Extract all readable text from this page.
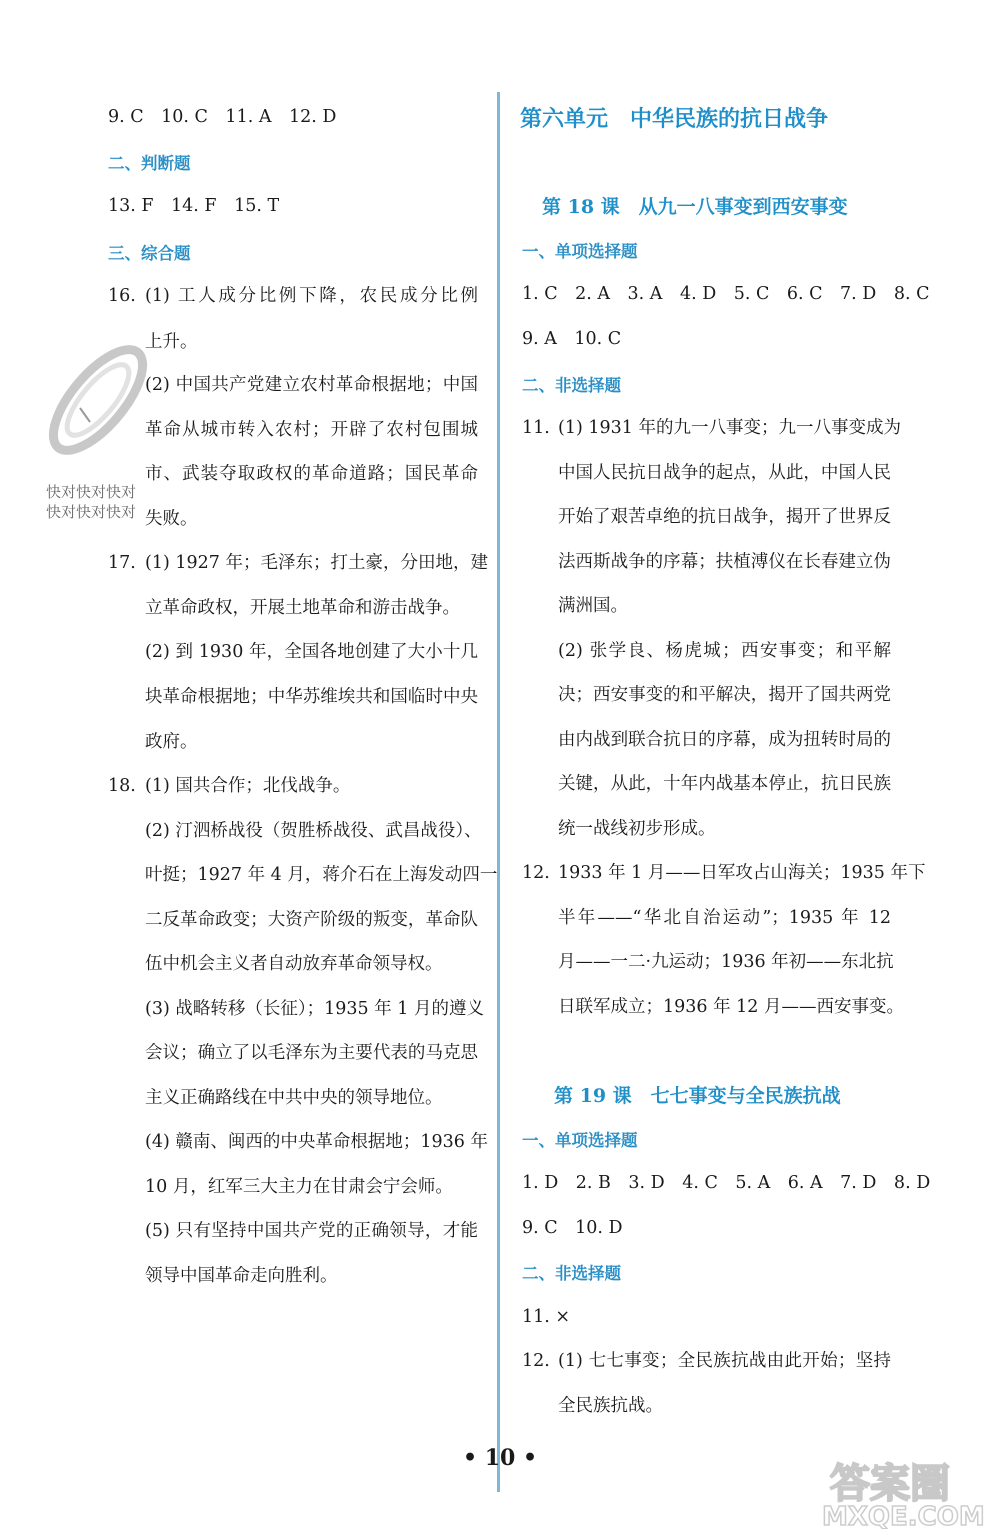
9. C　10. C　11. A　12. D
二、判断题
13. F　14. F　15. T
三、综合题
16. (1) 工人成分比例下降，农民成分比例
上升。
(2) 中国共产党建立农村革命根据地；中国
革命从城市转入农村；开辟了农村包围城
市、武装夺取政权的革命道路；国民革命
失败。
17. (1) 1927 年；毛泽东；打土豪，分田地，建
立革命政权，开展土地革命和游击战争。
(2) 到 1930 年，全国各地创建了大小十几
块革命根据地；中华苏维埃共和国临时中央
政府。
18. (1) 国共合作；北伐战争。
(2) 汀泗桥战役（贺胜桥战役、武昌战役）、
叶挺；1927 年 4 月，蒋介石在上海发动四一
二反革命政变；大资产阶级的叛变，革命队
伍中机会主义者自动放弃革命领导权。
(3) 战略转移（长征）；1935 年 1 月的遵义
会议；确立了以毛泽东为主要代表的马克思
主义正确路线在中共中央的领导地位。
(4) 赣南、闽西的中央革命根据地；1936 年
10 月，红军三大主力在甘肃会宁会师。
(5) 只有坚持中国共产党的正确领导，才能
领导中国革命走向胜利。
快对快对快对
快对快对快对
第六单元　中华民族的抗日战争
第 18 课　从九一八事变到西安事变
一、单项选择题
1. C　2. A　3. A　4. D　5. C　6. C　7. D　8. C
9. A　10. C
二、非选择题
11. (1) 1931 年的九一八事变；九一八事变成为
中国人民抗日战争的起点，从此，中国人民
开始了艰苦卓绝的抗日战争，揭开了世界反
法西斯战争的序幕；扶植溥仪在长春建立伪
满洲国。
(2) 张学良、杨虎城；西安事变；和平解
决；西安事变的和平解决，揭开了国共两党
由内战到联合抗日的序幕，成为扭转时局的
关键，从此，十年内战基本停止，抗日民族
统一战线初步形成。
12. 1933 年 1 月——日军攻占山海关；1935 年下
半年——“华北自治运动”；1935 年 12
月——一二·九运动；1936 年初——东北抗
日联军成立；1936 年 12 月——西安事变。
第 19 课　七七事变与全民族抗战
一、单项选择题
1. D　2. B　3. D　4. C　5. A　6. A　7. D　8. D
9. C　10. D
二、非选择题
11. ×
12. (1) 七七事变；全民族抗战由此开始；坚持
全民族抗战。
• 10 •
答案圈
MXQE.COM
